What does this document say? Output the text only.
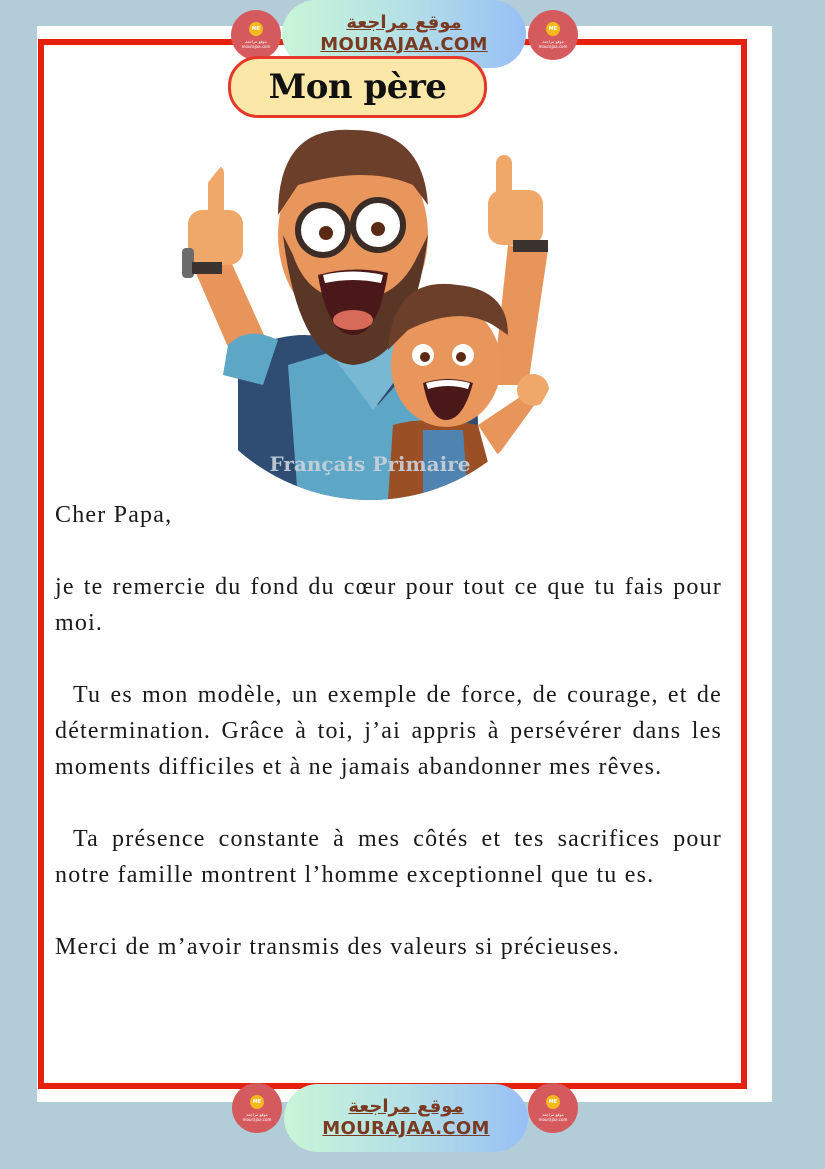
ME
موقع مراجعة
mourajaa.com
موقع مراجعة
MOURAJAA.COM
ME
موقع مراجعة
mourajaa.com
Mon père
Français Primaire

Cher Papa,

je te remercie du fond du cœur pour tout ce que tu fais pour moi.

Tu es mon modèle, un exemple de force, de courage, et de détermination. Grâce à toi, j’ai appris à persévérer dans les moments difficiles et à ne jamais abandonner mes rêves.

Ta présence constante à mes côtés et tes sacrifices pour notre famille montrent l’homme exceptionnel que tu es.

Merci de m’avoir transmis des valeurs si précieuses.

ME
موقع مراجعة
mourajaa.com
موقع مراجعة
MOURAJAA.COM
ME
موقع مراجعة
mourajaa.com
